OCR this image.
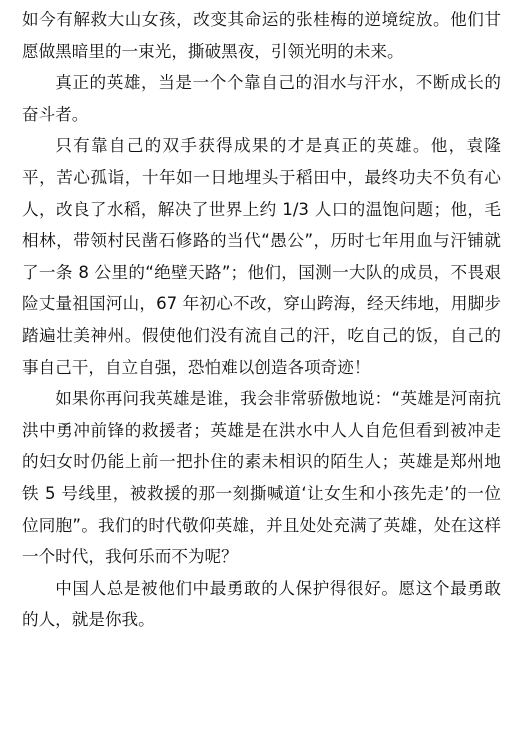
如今有解救大山女孩，改变其命运的张桂梅的逆境绽放。他们甘愿做黑暗里的一束光，撕破黑夜，引领光明的未来。

真正的英雄，当是一个个靠自己的泪水与汗水，不断成长的奋斗者。

只有靠自己的双手获得成果的才是真正的英雄。他，袁隆平，苦心孤诣，十年如一日地埋头于稻田中，最终功夫不负有心人，改良了水稻，解决了世界上约 1/3 人口的温饱问题；他，毛相林，带领村民凿石修路的当代“愚公”，历时七年用血与汗铺就了一条 8 公里的“绝壁天路”；他们，国测一大队的成员，不畏艰险丈量祖国河山，67 年初心不改，穿山跨海，经天纬地，用脚步踏遍壮美神州。假使他们没有流自己的汗，吃自己的饭，自己的事自己干，自立自强，恐怕难以创造各项奇迹！

如果你再问我英雄是谁，我会非常骄傲地说：“英雄是河南抗洪中勇冲前锋的救援者；英雄是在洪水中人人自危但看到被冲走的妇女时仍能上前一把扑住的素未相识的陌生人；英雄是郑州地铁 5 号线里，被救援的那一刻撕喊道‘让女生和小孩先走’的一位位同胞”。我们的时代敬仰英雄，并且处处充满了英雄，处在这样一个时代，我何乐而不为呢？

中国人总是被他们中最勇敢的人保护得很好。愿这个最勇敢的人，就是你我。
